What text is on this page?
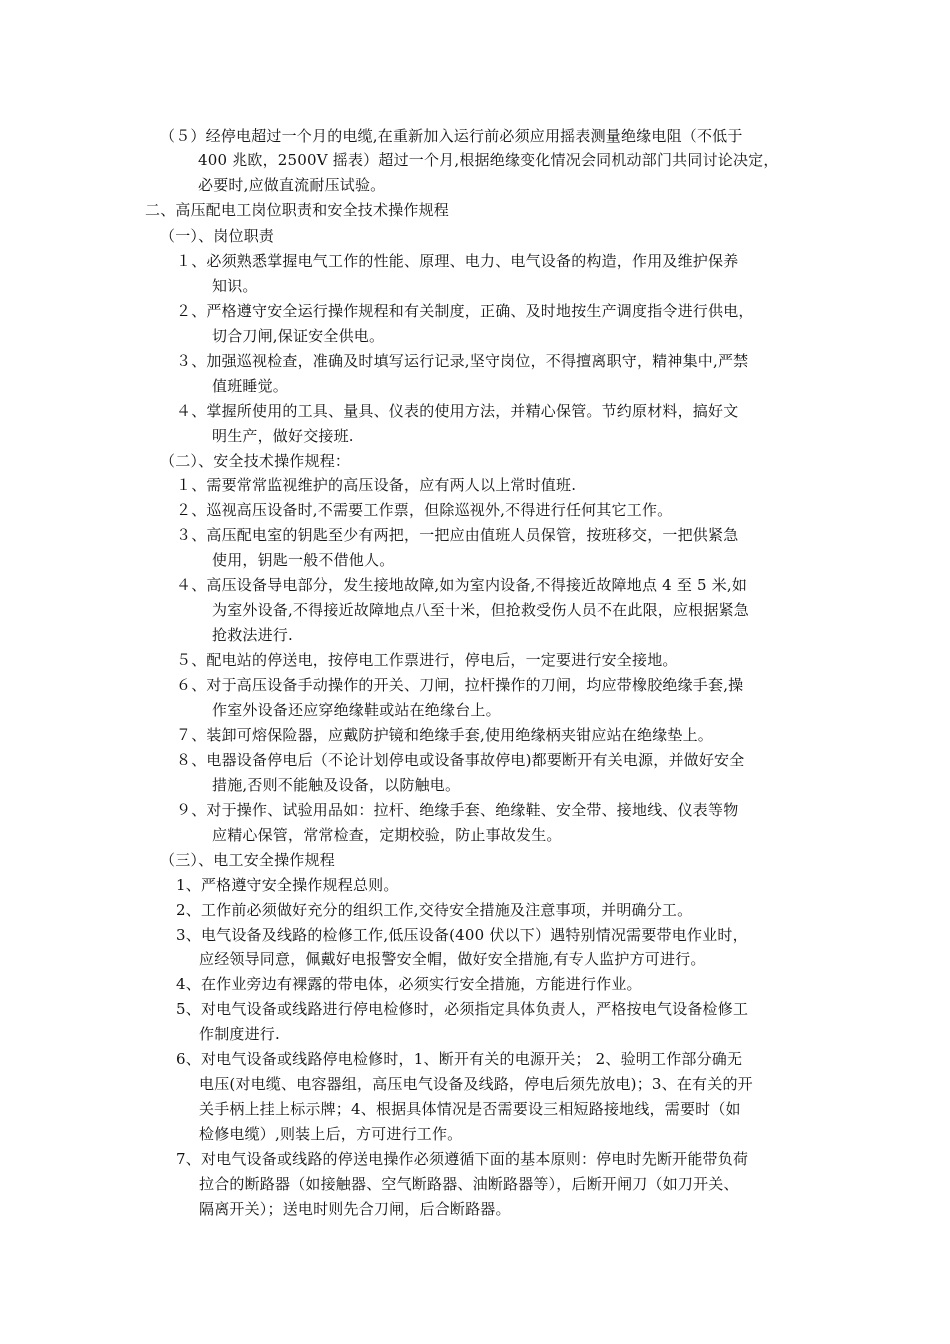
（５）经停电超过一个月的电缆,在重新加入运行前必须应用摇表测量绝缘电阻（不低于
400 兆欧，2500V 摇表）超过一个月,根据绝缘变化情况会同机动部门共同讨论决定，
必要时,应做直流耐压试验。
二、高压配电工岗位职责和安全技术操作规程
（一）、岗位职责
１、必须熟悉掌握电气工作的性能、原理、电力、电气设备的构造，作用及维护保养
知识。
２、严格遵守安全运行操作规程和有关制度，正确、及时地按生产调度指令进行供电，
切合刀闸,保证安全供电。
３、加强巡视检查，准确及时填写运行记录,坚守岗位，不得擅离职守，精神集中,严禁
值班睡觉。
４、掌握所使用的工具、量具、仪表的使用方法，并精心保管。节约原材料，搞好文
明生产，做好交接班.
（二）、安全技术操作规程：
１、需要常常监视维护的高压设备，应有两人以上常时值班.
２、巡视高压设备时,不需要工作票，但除巡视外,不得进行任何其它工作。
３、高压配电室的钥匙至少有两把，一把应由值班人员保管，按班移交，一把供紧急
使用，钥匙一般不借他人。
４、高压设备导电部分，发生接地故障,如为室内设备,不得接近故障地点 4 至 5 米,如
为室外设备,不得接近故障地点八至十米，但抢救受伤人员不在此限，应根据紧急
抢救法进行.
５、配电站的停送电，按停电工作票进行，停电后，一定要进行安全接地。
６、对于高压设备手动操作的开关、刀闸，拉杆操作的刀闸，均应带橡胶绝缘手套,操
作室外设备还应穿绝缘鞋或站在绝缘台上。
７、装卸可熔保险器，应戴防护镜和绝缘手套,使用绝缘柄夹钳应站在绝缘垫上。
８、电器设备停电后（不论计划停电或设备事故停电)都要断开有关电源，并做好安全
措施,否则不能触及设备，以防触电。
９、对于操作、试验用品如：拉杆、绝缘手套、绝缘鞋、安全带、接地线、仪表等物
应精心保管，常常检查，定期校验，防止事故发生。
（三）、电工安全操作规程
1、严格遵守安全操作规程总则。
2、工作前必须做好充分的组织工作,交待安全措施及注意事项，并明确分工。
3、电气设备及线路的检修工作,低压设备(400 伏以下）遇特别情况需要带电作业时，
应经领导同意，佩戴好电报警安全帽，做好安全措施,有专人监护方可进行。
4、在作业旁边有裸露的带电体，必须实行安全措施，方能进行作业。
5、对电气设备或线路进行停电检修时，必须指定具体负责人，严格按电气设备检修工
作制度进行.
6、对电气设备或线路停电检修时，1、断开有关的电源开关； 2、验明工作部分确无
电压(对电缆、电容器组，高压电气设备及线路，停电后须先放电)；3、在有关的开
关手柄上挂上标示牌；4、根据具体情况是否需要设三相短路接地线，需要时（如
检修电缆）,则装上后，方可进行工作。
7、对电气设备或线路的停送电操作必须遵循下面的基本原则：停电时先断开能带负荷
拉合的断路器（如接触器、空气断路器、油断路器等），后断开闸刀（如刀开关、
隔离开关）；送电时则先合刀闸，后合断路器。
